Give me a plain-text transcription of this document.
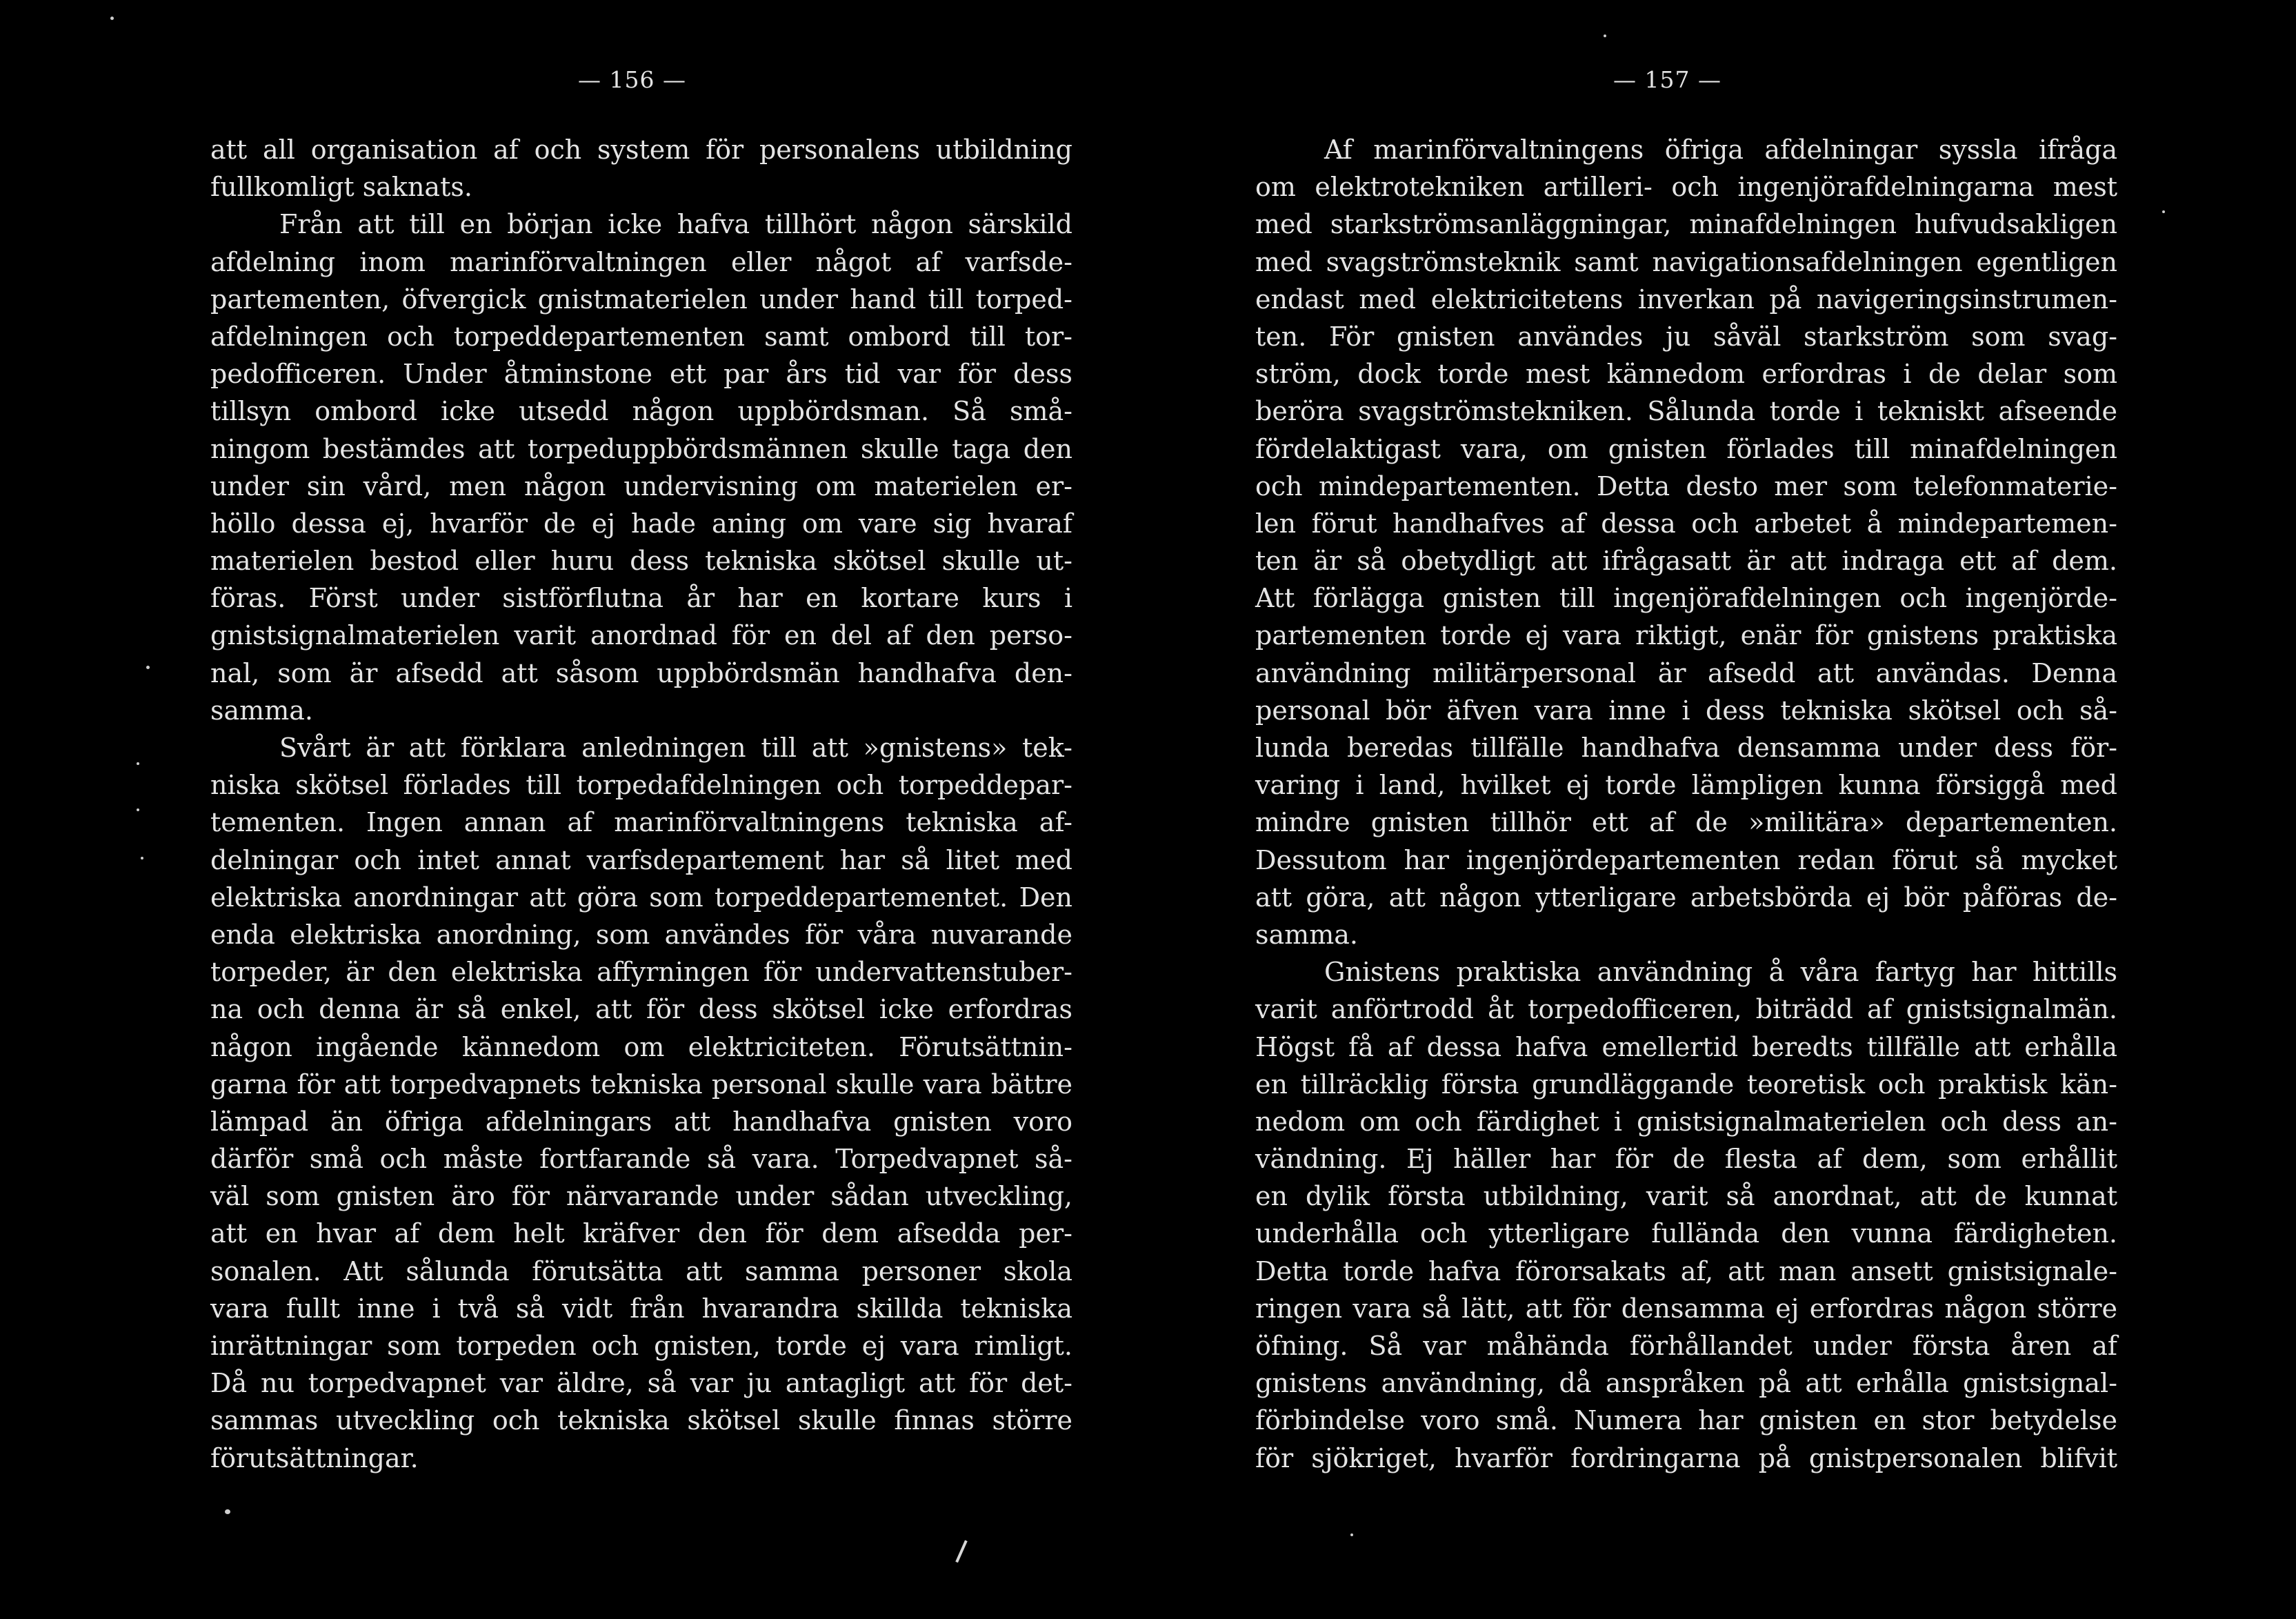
— 156 —
att all organisation af och system för personalens utbildning
fullkomligt saknats.
Från att till en början icke hafva tillhört någon särskild
afdelning inom marinförvaltningen eller något af varfsde-
partementen, öfvergick gnistmaterielen under hand till torped-
afdelningen och torpeddepartementen samt ombord till tor-
pedofficeren. Under åtminstone ett par års tid var för dess
tillsyn ombord icke utsedd någon uppbördsman. Så små-
ningom bestämdes att torpeduppbördsmännen skulle taga den
under sin vård, men någon undervisning om materielen er-
höllo dessa ej, hvarför de ej hade aning om vare sig hvaraf
materielen bestod eller huru dess tekniska skötsel skulle ut-
föras. Först under sistförflutna år har en kortare kurs i
gnistsignalmaterielen varit anordnad för en del af den perso-
nal, som är afsedd att såsom uppbördsmän handhafva den-
samma.
Svårt är att förklara anledningen till att »gnistens» tek-
niska skötsel förlades till torpedafdelningen och torpeddepar-
tementen. Ingen annan af marinförvaltningens tekniska af-
delningar och intet annat varfsdepartement har så litet med
elektriska anordningar att göra som torpeddepartementet. Den
enda elektriska anordning, som användes för våra nuvarande
torpeder, är den elektriska affyrningen för undervattenstuber-
na och denna är så enkel, att för dess skötsel icke erfordras
någon ingående kännedom om elektriciteten. Förutsättnin-
garna för att torpedvapnets tekniska personal skulle vara bättre
lämpad än öfriga afdelningars att handhafva gnisten voro
därför små och måste fortfarande så vara. Torpedvapnet så-
väl som gnisten äro för närvarande under sådan utveckling,
att en hvar af dem helt kräfver den för dem afsedda per-
sonalen. Att sålunda förutsätta att samma personer skola
vara fullt inne i två så vidt från hvarandra skillda tekniska
inrättningar som torpeden och gnisten, torde ej vara rimligt.
Då nu torpedvapnet var äldre, så var ju antagligt att för det-
sammas utveckling och tekniska skötsel skulle finnas större
förutsättningar.
— 157 —
Af marinförvaltningens öfriga afdelningar syssla ifråga
om elektrotekniken artilleri- och ingenjörafdelningarna mest
med starkströmsanläggningar, minafdelningen hufvudsakligen
med svagströmsteknik samt navigationsafdelningen egentligen
endast med elektricitetens inverkan på navigeringsinstrumen-
ten. För gnisten användes ju såväl starkström som svag-
ström, dock torde mest kännedom erfordras i de delar som
beröra svagströmstekniken. Sålunda torde i tekniskt afseende
fördelaktigast vara, om gnisten förlades till minafdelningen
och mindepartementen. Detta desto mer som telefonmaterie-
len förut handhafves af dessa och arbetet å mindepartemen-
ten är så obetydligt att ifrågasatt är att indraga ett af dem.
Att förlägga gnisten till ingenjörafdelningen och ingenjörde-
partementen torde ej vara riktigt, enär för gnistens praktiska
användning militärpersonal är afsedd att användas. Denna
personal bör äfven vara inne i dess tekniska skötsel och så-
lunda beredas tillfälle handhafva densamma under dess för-
varing i land, hvilket ej torde lämpligen kunna försiggå med
mindre gnisten tillhör ett af de »militära» departementen.
Dessutom har ingenjördepartementen redan förut så mycket
att göra, att någon ytterligare arbetsbörda ej bör påföras de-
samma.
Gnistens praktiska användning å våra fartyg har hittills
varit anförtrodd åt torpedofficeren, biträdd af gnistsignalmän.
Högst få af dessa hafva emellertid beredts tillfälle att erhålla
en tillräcklig första grundläggande teoretisk och praktisk kän-
nedom om och färdighet i gnistsignalmaterielen och dess an-
vändning. Ej häller har för de flesta af dem, som erhållit
en dylik första utbildning, varit så anordnat, att de kunnat
underhålla och ytterligare fullända den vunna färdigheten.
Detta torde hafva förorsakats af, att man ansett gnistsignale-
ringen vara så lätt, att för densamma ej erfordras någon större
öfning. Så var måhända förhållandet under första åren af
gnistens användning, då anspråken på att erhålla gnistsignal-
förbindelse voro små. Numera har gnisten en stor betydelse
för sjökriget, hvarför fordringarna på gnistpersonalen blifvit
